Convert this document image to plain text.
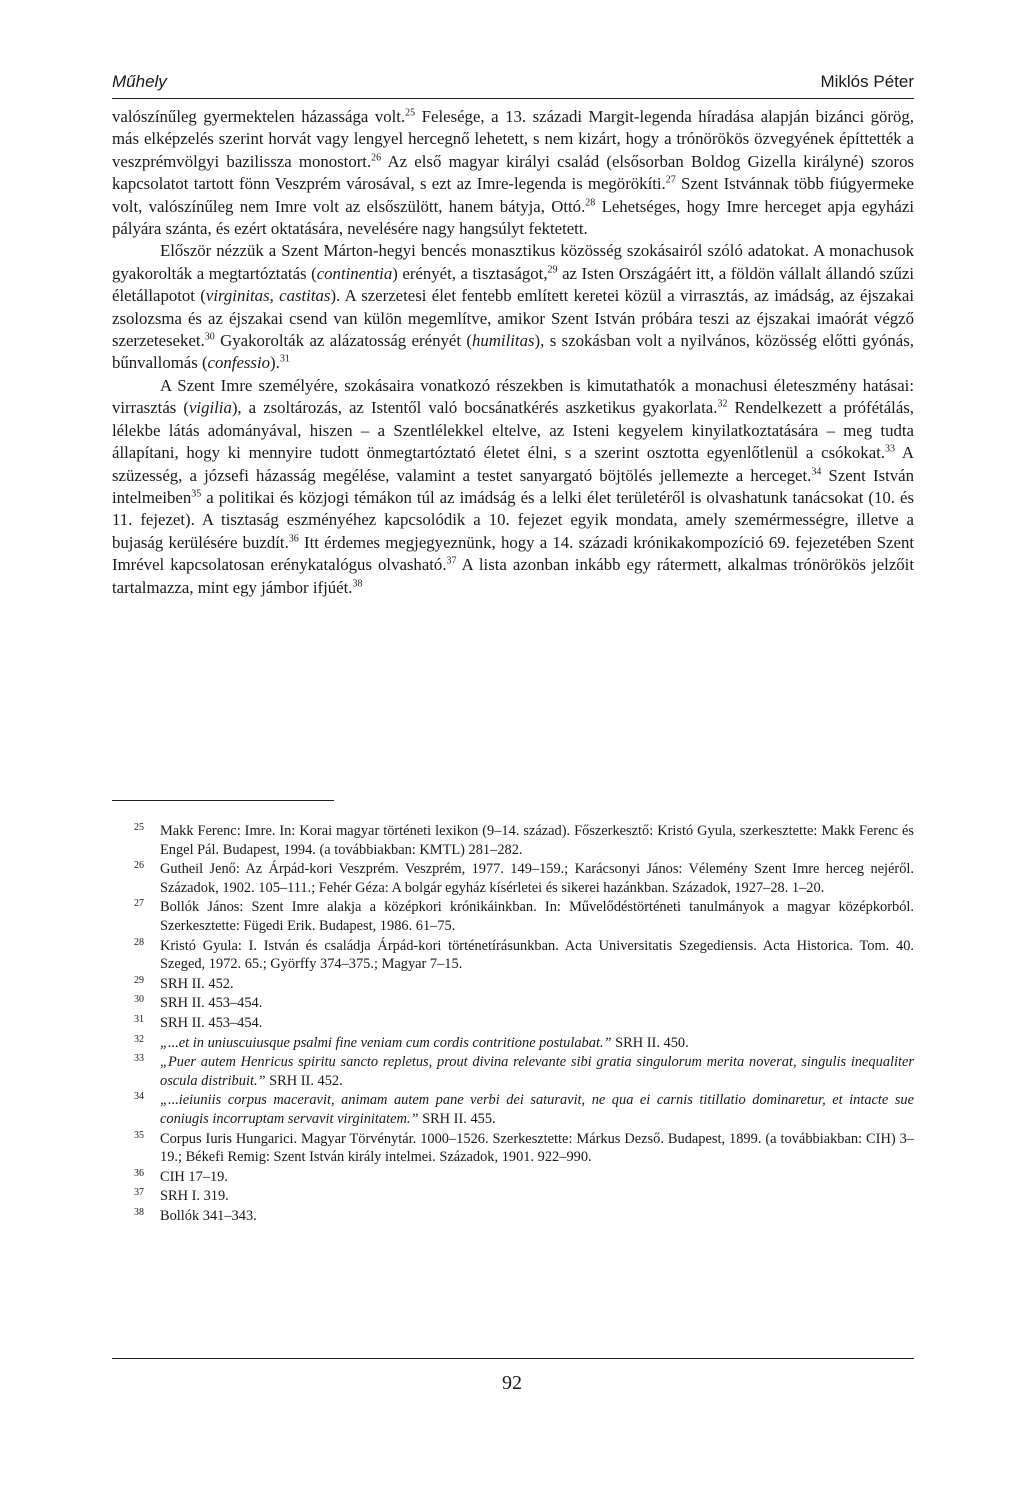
Műhely	Miklós Péter

valószínűleg gyermektelen házassága volt.$^{25}$ Felesége, a 13. századi Margit-legenda híradása alapján bizánci görög, más elképzelés szerint horvát vagy lengyel hercegnő lehetett, s nem kizárt, hogy a trónörökös özvegyének építtették a veszprémvölgyi bazilissza monostort.$^{26}$ Az első magyar királyi család (elsősorban Boldog Gizella királyné) szoros kapcsolatot tartott fönn Veszprém városával, s ezt az Imre-legenda is megörökíti.$^{27}$ Szent Istvánnak több fiúgyermeke volt, valószínűleg nem Imre volt az elsőszülött, hanem bátyja, Ottó.$^{28}$ Lehetséges, hogy Imre herceget apja egyházi pályára szánta, és ezért oktatására, nevelésére nagy hangsúlyt fektetett.

Először nézzük a Szent Márton-hegyi bencés monasztikus közösség szokásairól szóló adatokat. A monachusok gyakorolták a megtartóztatás (continentia) erényét, a tisztaságot,$^{29}$ az Isten Országáért itt, a földön vállalt állandó szűzi életállapotot (virginitas, castitas). A szerzetesi élet fentebb említett keretei közül a virrasztás, az imádság, az éjszakai zsolozsma és az éjszakai csend van külön megemlítve, amikor Szent István próbára teszi az éjszakai imaórát végző szerzeteseket.$^{30}$ Gyakorolták az alázatosság erényét (humilitas), s szokásban volt a nyilvános, közösség előtti gyónás, bűnvallomás (confessio).$^{31}$

A Szent Imre személyére, szokásaira vonatkozó részekben is kimutathatók a monachusi életeszmény hatásai: virrasztás (vigilia), a zsoltározás, az Istentől való bocsánatkérés aszketikus gyakorlata.$^{32}$ Rendelkezett a prófétálás, lélekbe látás adományával, hiszen – a Szentlélekkel eltelve, az Isteni kegyelem kinyilatkoztatására – meg tudta állapítani, hogy ki mennyire tudott önmegtartóztató életet élni, s a szerint osztotta egyenlőtlenül a csókokat.$^{33}$ A szüzesség, a józsefi házasság megélése, valamint a testet sanyargató böjtölés jellemezte a herceget.$^{34}$ Szent István intelmeiben$^{35}$ a politikai és közjogi témákon túl az imádság és a lelki élet területéről is olvashatunk tanácsokat (10. és 11. fejezet). A tisztaság eszményéhez kapcsolódik a 10. fejezet egyik mondata, amely szemérmességre, illetve a bujaság kerülésére buzdít.$^{36}$ Itt érdemes megjegyeznünk, hogy a 14. századi krónikakompozíció 69. fejezetében Szent Imrével kapcsolatosan erénykatalógus olvasható.$^{37}$ A lista azonban inkább egy rátermett, alkalmas trónörökös jelzőit tartalmazza, mint egy jámbor ifjúét.$^{38}$

25 Makk Ferenc: Imre. In: Korai magyar történeti lexikon (9–14. század). Főszerkesztő: Kristó Gyula, szerkesztette: Makk Ferenc és Engel Pál. Budapest, 1994. (a továbbiakban: KMTL) 281–282.
26 Gutheil Jenő: Az Árpád-kori Veszprém. Veszprém, 1977. 149–159.; Karácsonyi János: Vélemény Szent Imre herceg nejéről. Századok, 1902. 105–111.; Fehér Géza: A bolgár egyház kísérletei és sikerei hazánkban. Századok, 1927–28. 1–20.
27 Bollók János: Szent Imre alakja a középkori krónikáinkban. In: Művelődéstörténeti tanulmányok a magyar középkorból. Szerkesztette: Fügedi Erik. Budapest, 1986. 61–75.
28 Kristó Gyula: I. István és családja Árpád-kori történetírásunkban. Acta Universitatis Szegediensis. Acta Historica. Tom. 40. Szeged, 1972. 65.; Györffy 374–375.; Magyar 7–15.
29 SRH II. 452.
30 SRH II. 453–454.
31 SRH II. 453–454.
32 „...et in uniuscuiusque psalmi fine veniam cum cordis contritione postulabat.” SRH II. 450.
33 „Puer autem Henricus spiritu sancto repletus, prout divina relevante sibi gratia singulorum merita noverat, singulis inequaliter oscula distribuit.” SRH II. 452.
34 „...ieiuniis corpus maceravit, animam autem pane verbi dei saturavit, ne qua ei carnis titillatio dominaretur, et intacte sue coniugis incorruptam servavit virginitatem.” SRH II. 455.
35 Corpus Iuris Hungarici. Magyar Törvénytár. 1000–1526. Szerkesztette: Márkus Dezső. Budapest, 1899. (a továbbiakban: CIH) 3–19.; Békefi Remig: Szent István király intelmei. Századok, 1901. 922–990.
36 CIH 17–19.
37 SRH I. 319.
38 Bollók 341–343.
92
